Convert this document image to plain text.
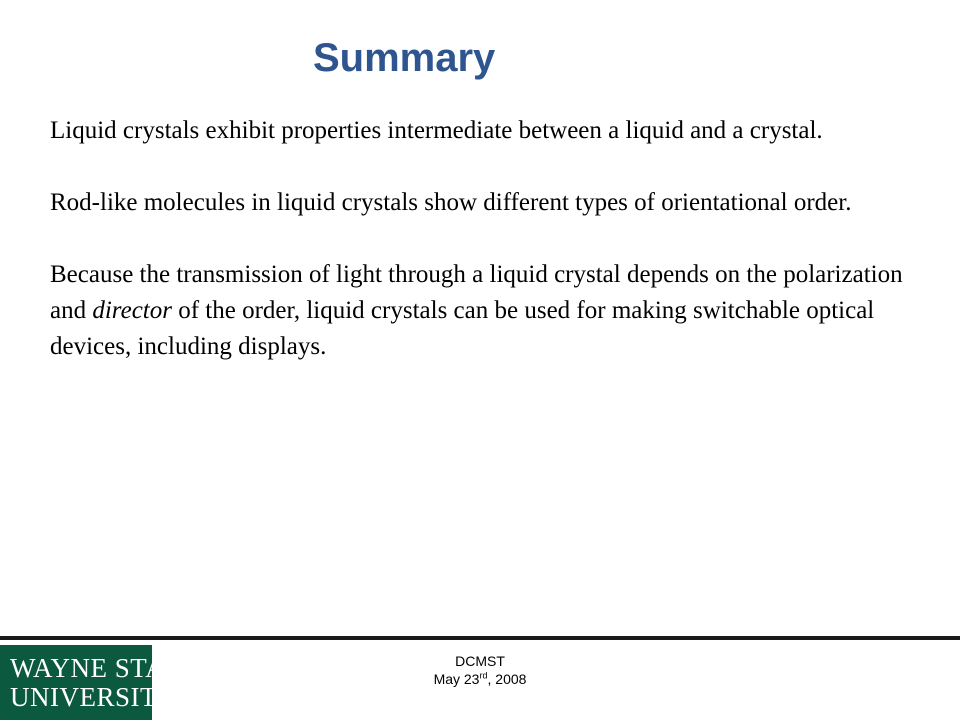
Summary

Liquid crystals exhibit properties intermediate between a liquid and a crystal.

Rod-like molecules in liquid crystals show different types of orientational order.

Because the transmission of light through a liquid crystal depends on the polarization and director of the order, liquid crystals can be used for making switchable optical devices, including displays.

WAYNE STATE
UNIVERSITY
DCMST
May 23rd, 2008
